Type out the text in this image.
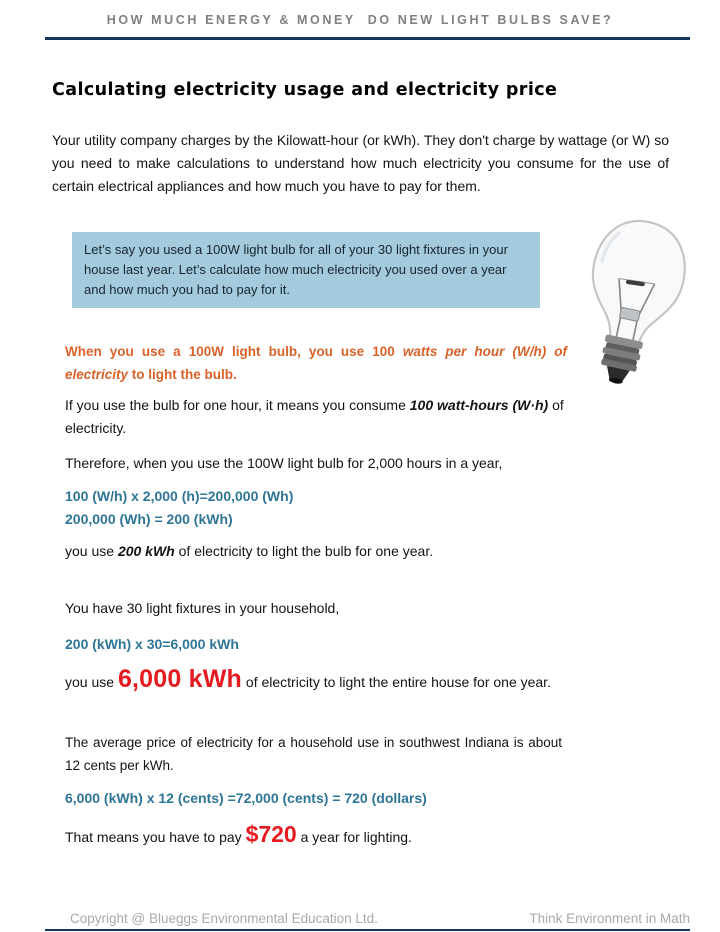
HOW MUCH ENERGY & MONEY  DO NEW LIGHT BULBS SAVE?
Calculating electricity usage and electricity price

Your utility company charges by the Kilowatt-hour (or kWh). They don't charge by wattage (or W) so you need to make calculations to understand how much electricity you consume for the use of certain electrical appliances and how much you have to pay for them.

Let’s say you used a 100W light bulb for all of your 30 light fixtures in your house last year. Let’s calculate how much electricity you used over a year and how much you had to pay for it.

When you use a 100W light bulb, you use 100 watts per hour (W/h) of electricity to light the bulb.

If you use the bulb for one hour, it means you consume 100 watt-hours (W·h) of electricity.

Therefore, when you use the 100W light bulb for 2,000 hours in a year,

100 (W/h) x 2,000 (h)=200,000 (Wh)
200,000 (Wh) = 200 (kWh)

you use 200 kWh of electricity to light the bulb for one year.

You have 30 light fixtures in your household,

200 (kWh) x 30=6,000 kWh

you use 6,000 kWh of electricity to light the entire house for one year.

The average price of electricity for a household use in southwest Indiana is about 12 cents per kWh.

6,000 (kWh) x 12 (cents) =72,000 (cents) = 720 (dollars)

That means you have to pay $720 a year for lighting.

Copyright @ Blueggs Environmental Education Ltd.	Think Environment in Math
